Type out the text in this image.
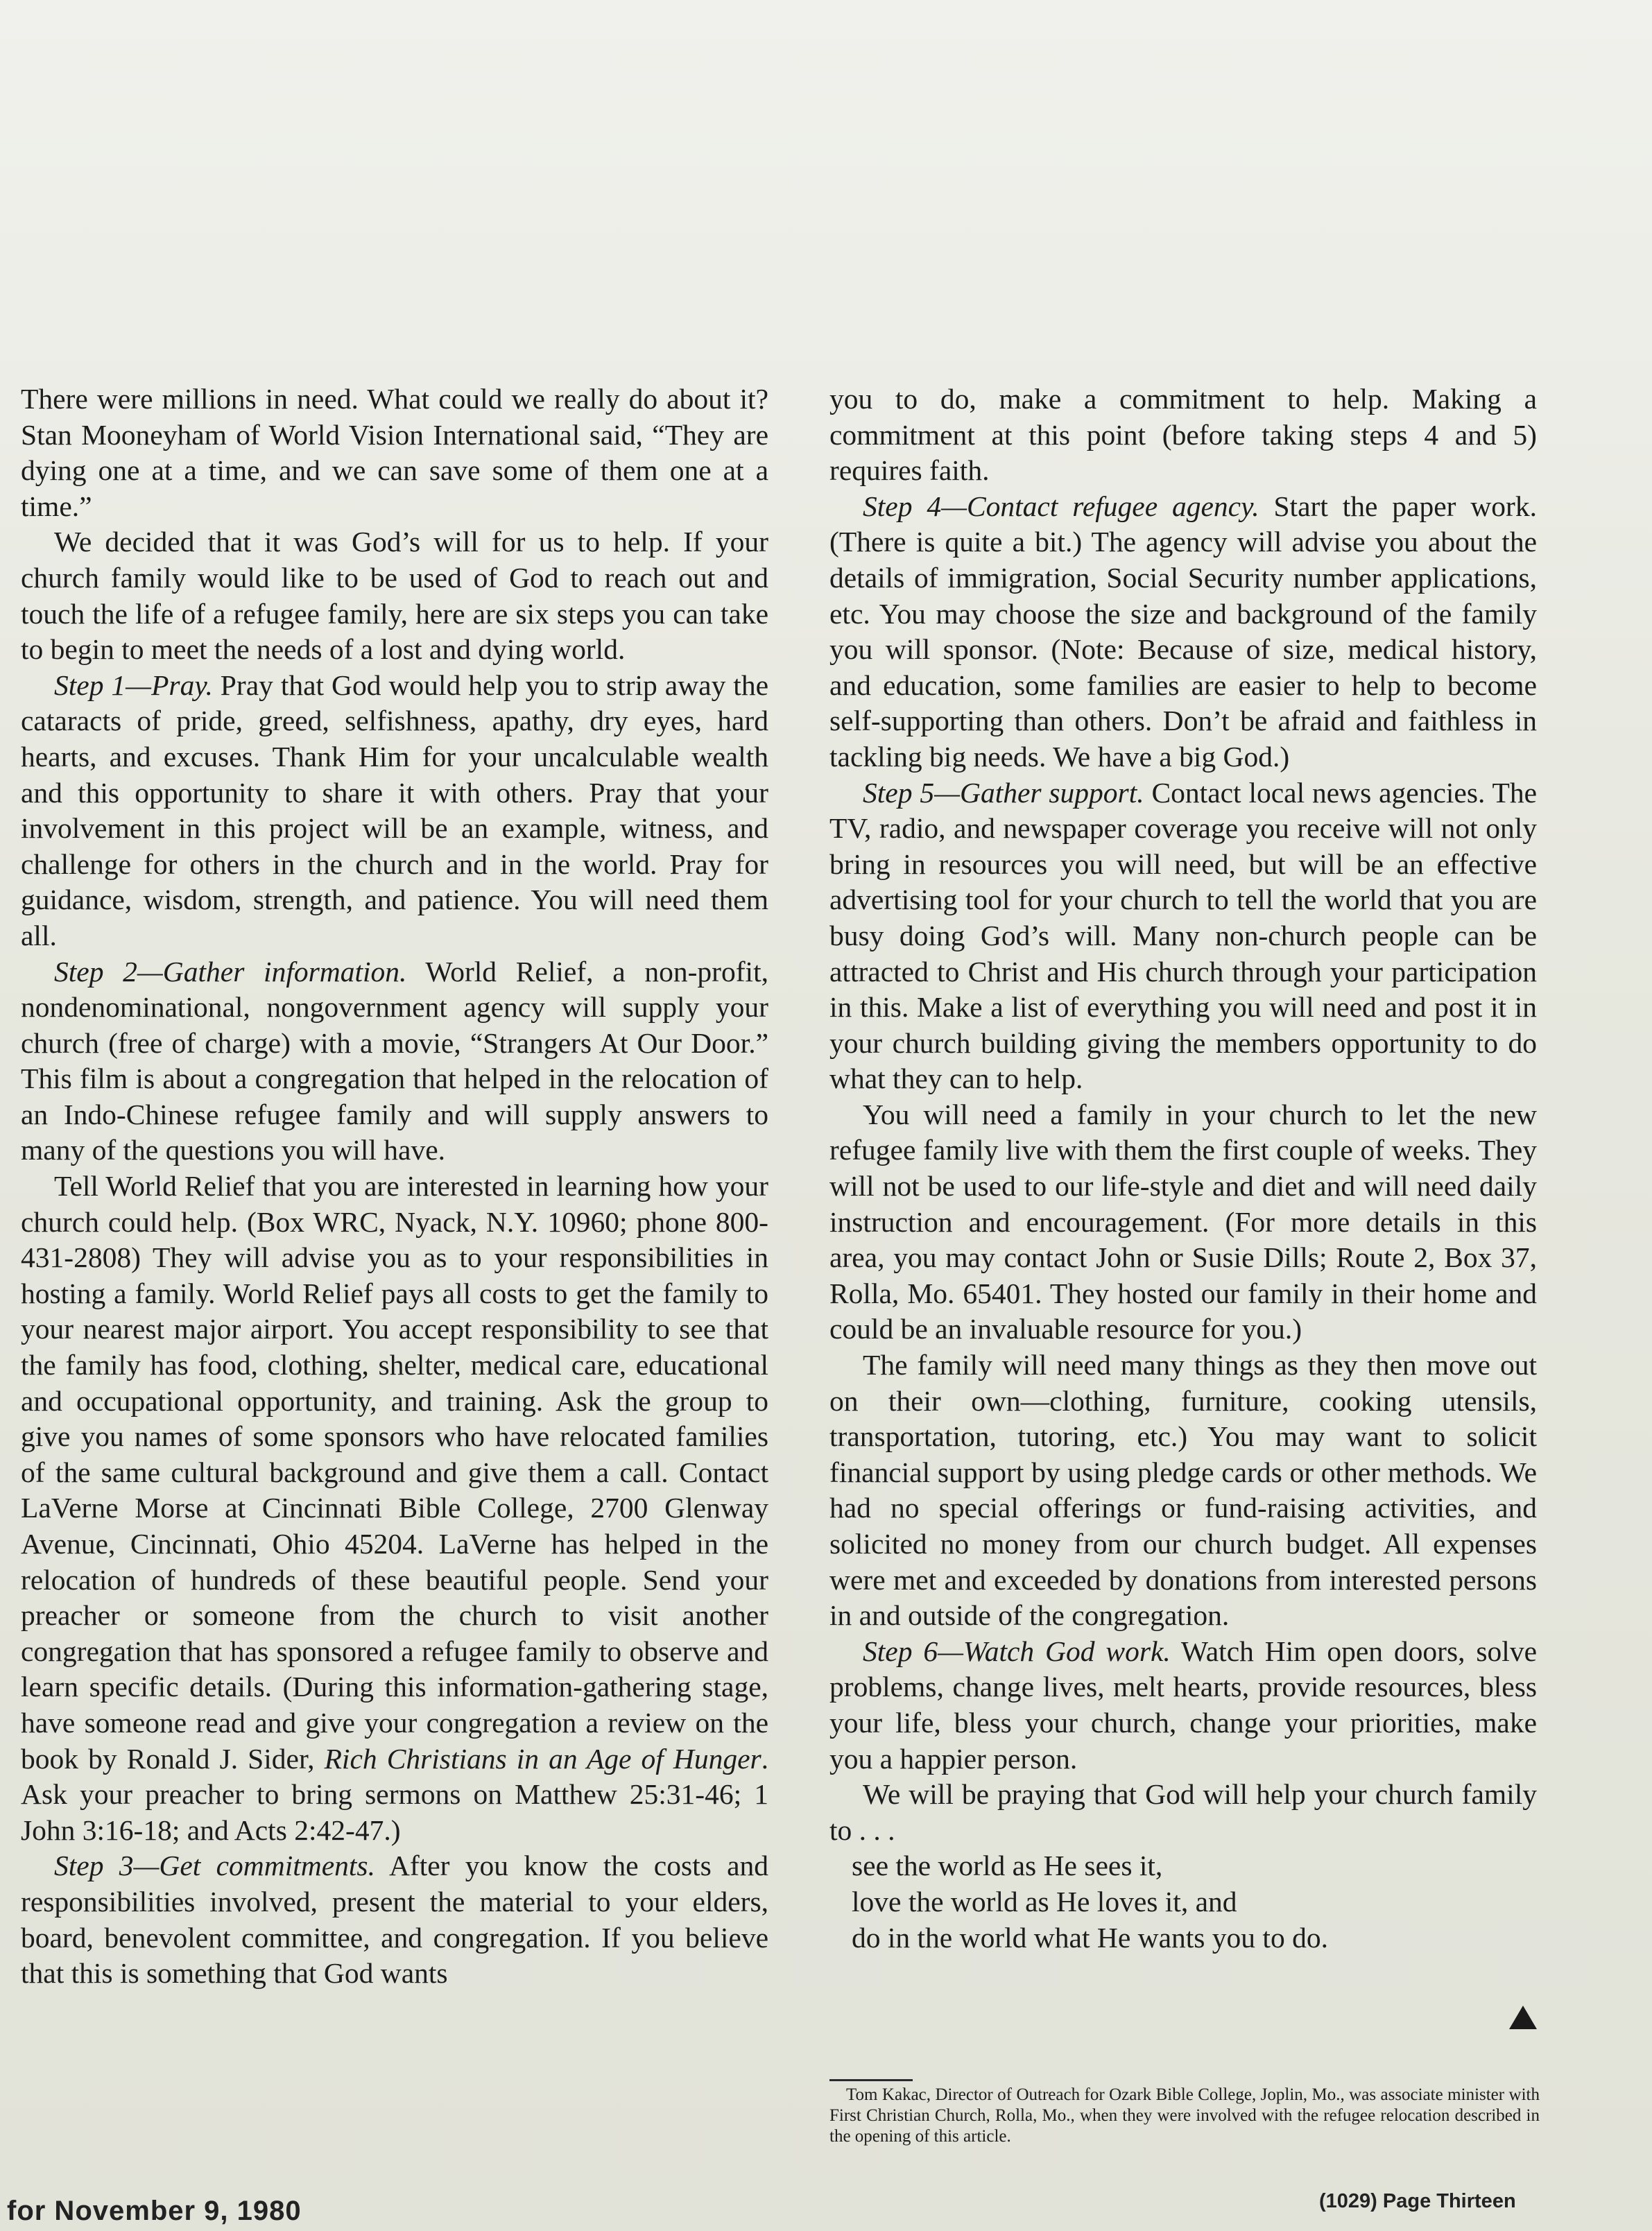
There were millions in need. What could we really do about it? Stan Mooneyham of World Vision International said, “They are dying one at a time, and we can save some of them one at a time.”

We decided that it was God’s will for us to help. If your church family would like to be used of God to reach out and touch the life of a refugee family, here are six steps you can take to begin to meet the needs of a lost and dying world.

Step 1—Pray. Pray that God would help you to strip away the cataracts of pride, greed, selfishness, apathy, dry eyes, hard hearts, and excuses. Thank Him for your uncalculable wealth and this opportunity to share it with others. Pray that your involvement in this project will be an example, witness, and challenge for others in the church and in the world. Pray for guidance, wisdom, strength, and patience. You will need them all.

Step 2—Gather information. World Relief, a non-profit, nondenominational, nongovernment agency will supply your church (free of charge) with a movie, “Strangers At Our Door.” This film is about a congregation that helped in the relocation of an Indo-Chinese refugee family and will supply answers to many of the questions you will have.

Tell World Relief that you are interested in learning how your church could help. (Box WRC, Nyack, N.Y. 10960; phone 800-431-2808) They will advise you as to your responsibilities in hosting a family. World Relief pays all costs to get the family to your nearest major airport. You accept responsibility to see that the family has food, clothing, shelter, medical care, educational and occupational opportunity, and training. Ask the group to give you names of some sponsors who have relocated families of the same cultural background and give them a call. Contact LaVerne Morse at Cincinnati Bible College, 2700 Glenway Avenue, Cincinnati, Ohio 45204. LaVerne has helped in the relocation of hundreds of these beautiful people. Send your preacher or someone from the church to visit another congregation that has sponsored a refugee family to observe and learn specific details. (During this information-gathering stage, have someone read and give your congregation a review on the book by Ronald J. Sider, Rich Christians in an Age of Hunger. Ask your preacher to bring sermons on Matthew 25:31-46; 1 John 3:16-18; and Acts 2:42-47.)

Step 3—Get commitments. After you know the costs and responsibilities involved, present the material to your elders, board, benevolent committee, and congregation. If you believe that this is something that God wants

you to do, make a commitment to help. Making a commitment at this point (before taking steps 4 and 5) requires faith.

Step 4—Contact refugee agency. Start the paper work. (There is quite a bit.) The agency will advise you about the details of immigration, Social Security number applications, etc. You may choose the size and background of the family you will sponsor. (Note: Because of size, medical history, and education, some families are easier to help to become self-supporting than others. Don’t be afraid and faithless in tackling big needs. We have a big God.)

Step 5—Gather support. Contact local news agencies. The TV, radio, and newspaper coverage you receive will not only bring in resources you will need, but will be an effective advertising tool for your church to tell the world that you are busy doing God’s will. Many non-church people can be attracted to Christ and His church through your participation in this. Make a list of everything you will need and post it in your church building giving the members opportunity to do what they can to help.

You will need a family in your church to let the new refugee family live with them the first couple of weeks. They will not be used to our life-style and diet and will need daily instruction and encouragement. (For more details in this area, you may contact John or Susie Dills; Route 2, Box 37, Rolla, Mo. 65401. They hosted our family in their home and could be an invaluable resource for you.)

The family will need many things as they then move out on their own—clothing, furniture, cooking utensils, transportation, tutoring, etc.) You may want to solicit financial support by using pledge cards or other methods. We had no special offerings or fund-raising activities, and solicited no money from our church budget. All expenses were met and exceeded by donations from interested persons in and outside of the congregation.

Step 6—Watch God work. Watch Him open doors, solve problems, change lives, melt hearts, provide resources, bless your life, bless your church, change your priorities, make you a happier person.

We will be praying that God will help your church family to . . .

see the world as He sees it,

love the world as He loves it, and

do in the world what He wants you to do.

Tom Kakac, Director of Outreach for Ozark Bible College, Joplin, Mo., was associate minister with First Christian Church, Rolla, Mo., when they were involved with the refugee relocation described in the opening of this article.

for November 9, 1980	(1029) Page Thirteen
